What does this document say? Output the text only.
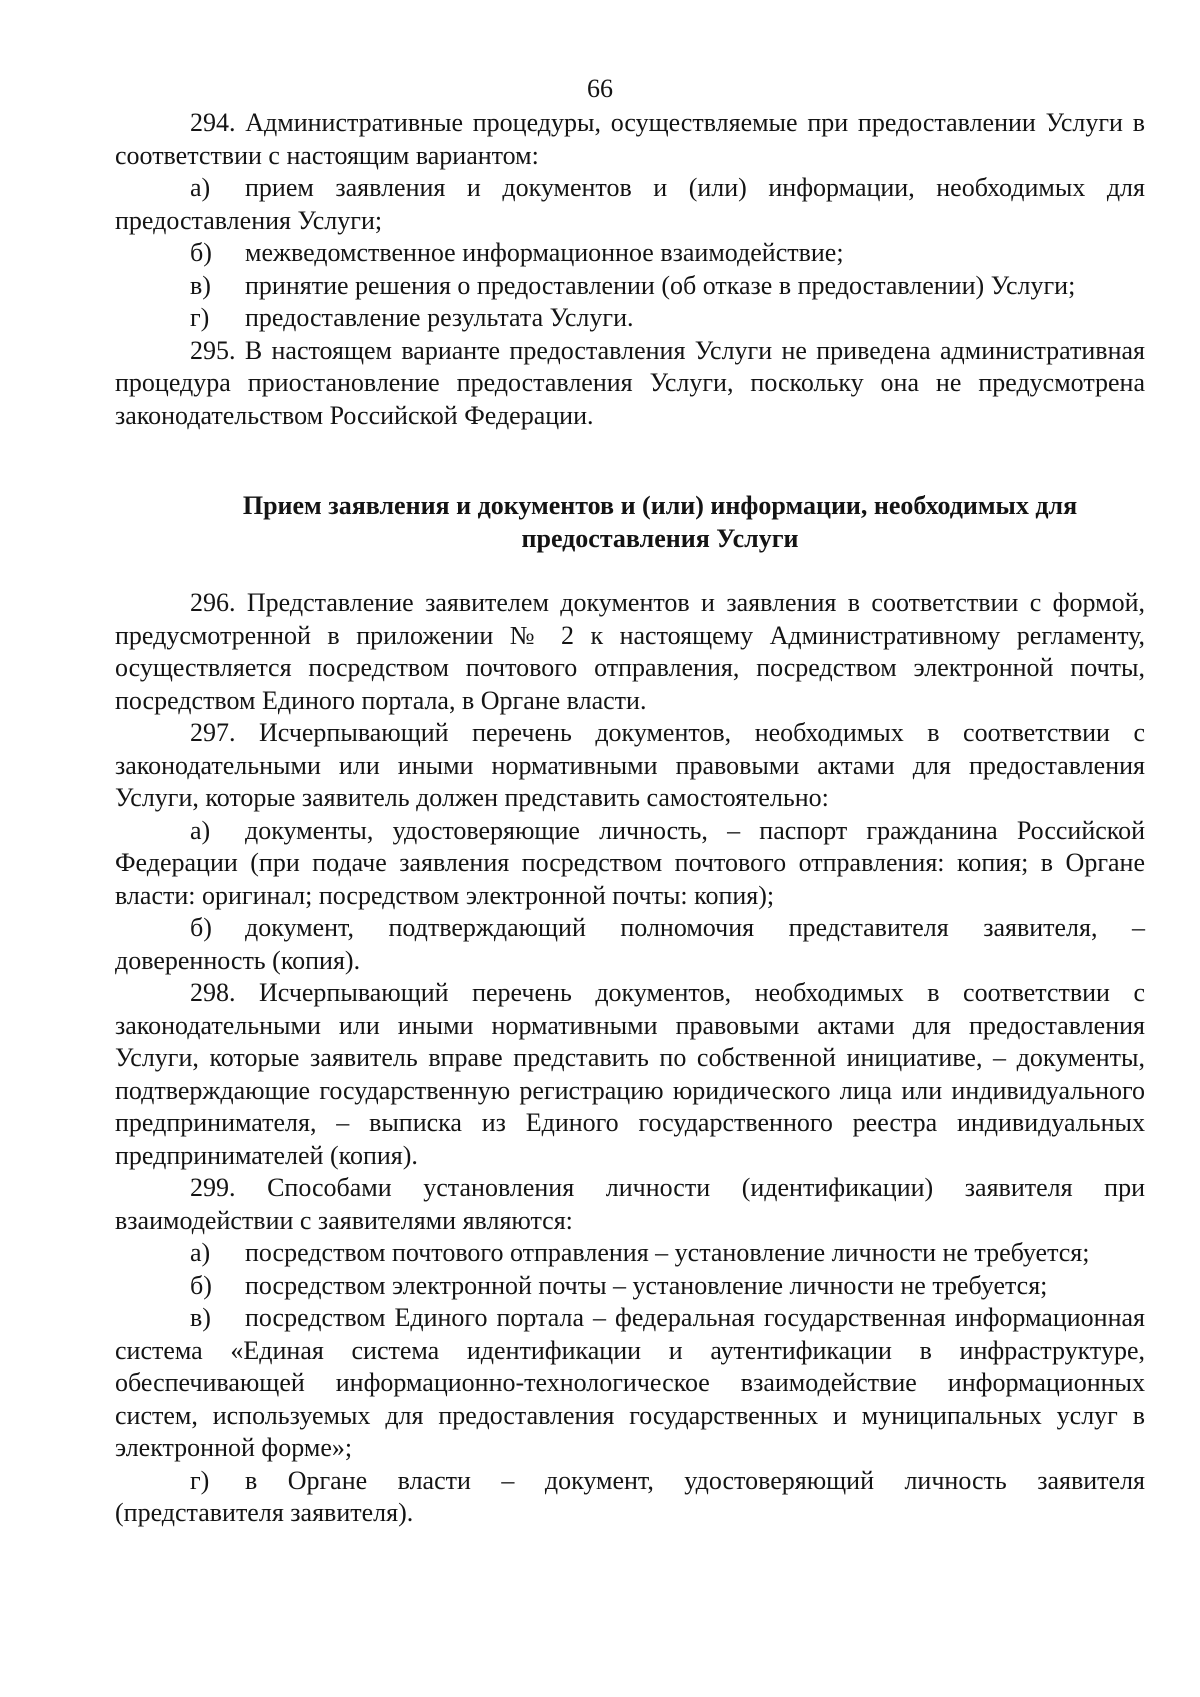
66

294. Административные процедуры, осуществляемые при предоставлении Услуги в соответствии с настоящим вариантом:

а) прием заявления и документов и (или) информации, необходимых для предоставления Услуги;

б) межведомственное информационное взаимодействие;

в) принятие решения о предоставлении (об отказе в предоставлении) Услуги;

г) предоставление результата Услуги.

295. В настоящем варианте предоставления Услуги не приведена административная процедура приостановление предоставления Услуги, поскольку она не предусмотрена законодательством Российской Федерации.

Прием заявления и документов и (или) информации, необходимых для предоставления Услуги

296. Представление заявителем документов и заявления в соответствии с формой, предусмотренной в приложении № 2 к настоящему Административному регламенту, осуществляется посредством почтового отправления, посредством электронной почты, посредством Единого портала, в Органе власти.

297. Исчерпывающий перечень документов, необходимых в соответствии с законодательными или иными нормативными правовыми актами для предоставления Услуги, которые заявитель должен представить самостоятельно:

а) документы, удостоверяющие личность, – паспорт гражданина Российской Федерации (при подаче заявления посредством почтового отправления: копия; в Органе власти: оригинал; посредством электронной почты: копия);

б) документ, подтверждающий полномочия представителя заявителя, – доверенность (копия).

298. Исчерпывающий перечень документов, необходимых в соответствии с законодательными или иными нормативными правовыми актами для предоставления Услуги, которые заявитель вправе представить по собственной инициативе, – документы, подтверждающие государственную регистрацию юридического лица или индивидуального предпринимателя, – выписка из Единого государственного реестра индивидуальных предпринимателей (копия).

299. Способами установления личности (идентификации) заявителя при взаимодействии с заявителями являются:

а) посредством почтового отправления – установление личности не требуется;

б) посредством электронной почты – установление личности не требуется;

в) посредством Единого портала – федеральная государственная информационная система «Единая система идентификации и аутентификации в инфраструктуре, обеспечивающей информационно-технологическое взаимодействие информационных систем, используемых для предоставления государственных и муниципальных услуг в электронной форме»;

г) в Органе власти – документ, удостоверяющий личность заявителя (представителя заявителя).
